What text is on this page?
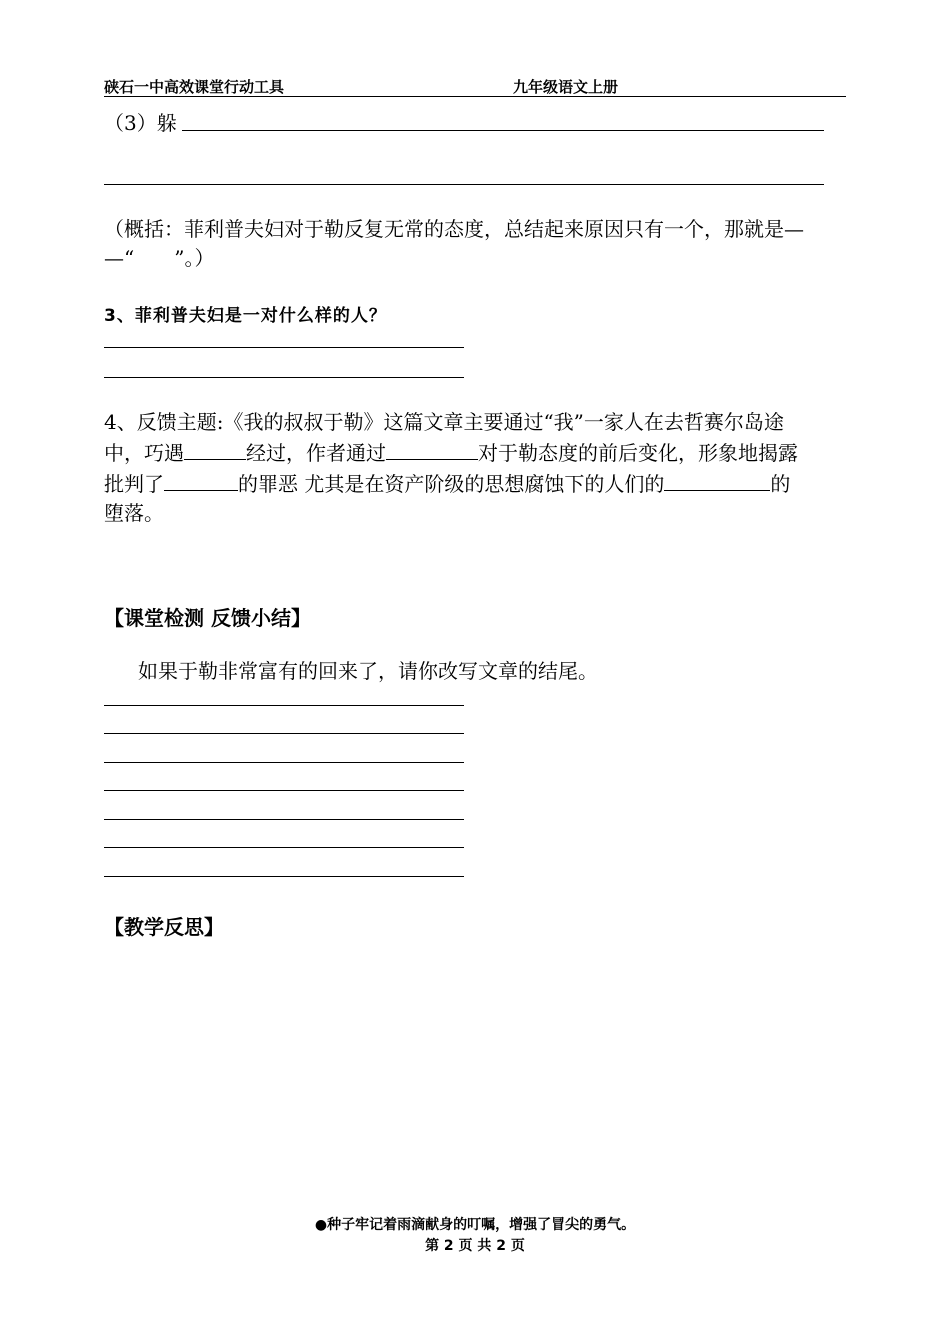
硖石一中高效课堂行动工具	九年级语文上册
（3）躲
（概括：菲利普夫妇对于勒反复无常的态度，总结起来原因只有一个，那就是—
—“　　”。）
3、菲利普夫妇是一对什么样的人？
4、反馈主题:《我的叔叔于勒》这篇文章主要通过“我”一家人在去哲赛尔岛途
中，巧遇	经过，作者通过	对于勒态度的前后变化，形象地揭露
批判了	的罪恶 尤其是在资产阶级的思想腐蚀下的人们的	的
堕落。
【课堂检测 反馈小结】
如果于勒非常富有的回来了，请你改写文章的结尾。
【教学反思】
●种子牢记着雨滴献身的叮嘱，增强了冒尖的勇气。
第 2 页 共 2 页
